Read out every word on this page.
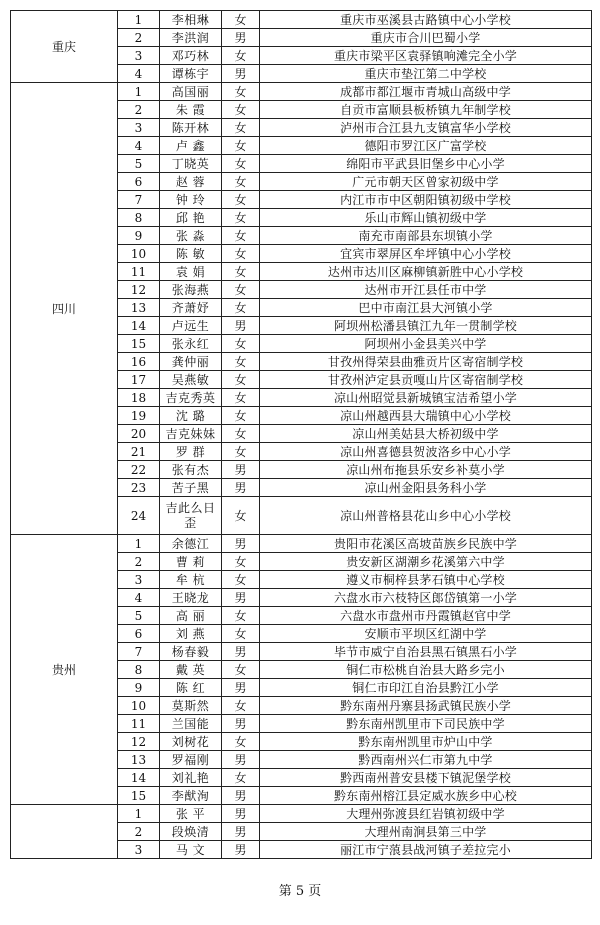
重庆	1	李相琳	女	重庆市巫溪县古路镇中心小学校
	2	李洪润	男	重庆市合川巴蜀小学
	3	邓巧林	女	重庆市梁平区袁驿镇响滩完全小学
	4	谭栋宇	男	重庆市垫江第二中学校
四川	1	高国丽	女	成都市都江堰市青城山高级中学
	2	朱 霞	女	自贡市富顺县板桥镇九年制学校
	3	陈开林	女	泸州市合江县九支镇富华小学校
	4	卢 鑫	女	德阳市罗江区广富学校
	5	丁晓英	女	绵阳市平武县旧堡乡中心小学
	6	赵 蓉	女	广元市朝天区曾家初级中学
	7	钟 玲	女	内江市市中区朝阳镇初级中学校
	8	邱 艳	女	乐山市辉山镇初级中学
	9	张 淼	女	南充市南部县东坝镇小学
	10	陈 敏	女	宜宾市翠屏区牟坪镇中心小学校
	11	袁 娟	女	达州市达川区麻柳镇新胜中心小学校
	12	张海燕	女	达州市开江县任市中学
	13	齐萧妤	女	巴中市南江县大河镇小学
	14	卢远生	男	阿坝州松潘县镇江九年一贯制学校
	15	张永红	女	阿坝州小金县美兴中学
	16	龚仲丽	女	甘孜州得荣县曲雅贡片区寄宿制学校
	17	吴燕敏	女	甘孜州泸定县贡嘎山片区寄宿制学校
	18	吉克秀英	女	凉山州昭觉县新城镇宝洁希望小学
	19	沈 璐	女	凉山州越西县大瑞镇中心小学校
	20	吉克妹妹	女	凉山州美姑县大桥初级中学
	21	罗 群	女	凉山州喜德县贺波洛乡中心小学
	22	张有杰	男	凉山州布拖县乐安乡补莫小学
	23	苦子黑	男	凉山州金阳县务科小学
	24	吉此么日歪	女	凉山州普格县花山乡中心小学校
贵州	1	余德江	男	贵阳市花溪区高坡苗族乡民族中学
	2	曹 莉	女	贵安新区湖潮乡花溪第六中学
	3	牟 杭	女	遵义市桐梓县茅石镇中心学校
	4	王晓龙	男	六盘水市六枝特区郎岱镇第一小学
	5	高 丽	女	六盘水市盘州市丹霞镇赵官中学
	6	刘 燕	女	安顺市平坝区红湖中学
	7	杨春毅	男	毕节市威宁自治县黑石镇黑石小学
	8	戴 英	女	铜仁市松桃自治县大路乡完小
	9	陈 红	男	铜仁市印江自治县黔江小学
	10	莫斯然	女	黔东南州丹寨县扬武镇民族小学
	11	兰国能	男	黔东南州凯里市下司民族中学
	12	刘树花	女	黔东南州凯里市炉山中学
	13	罗福刚	男	黔西南州兴仁市第九中学
	14	刘礼艳	女	黔西南州普安县楼下镇泥堡学校
	15	李猷洵	男	黔东南州榕江县定威水族乡中心校
	1	张 平	男	大理州弥渡县红岩镇初级中学
	2	段焕清	男	大理州南涧县第三中学
	3	马 文	男	丽江市宁蒗县战河镇子差拉完小
第 5 页
